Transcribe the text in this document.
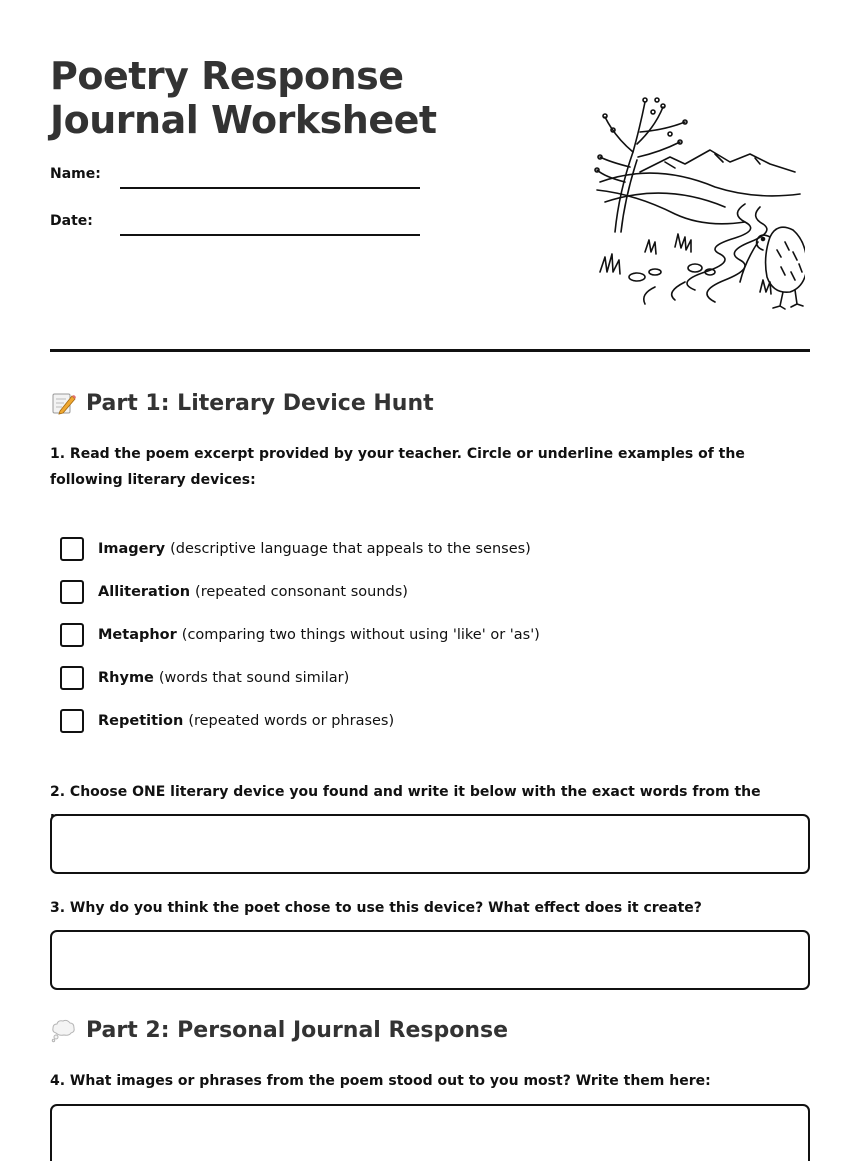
Poetry Response
Journal Worksheet
Name:
Date:
Part 1: Literary Device Hunt
1. Read the poem excerpt provided by your teacher. Circle or underline examples of the following literary devices:
Imagery (descriptive language that appeals to the senses)
Alliteration (repeated consonant sounds)
Metaphor (comparing two things without using 'like' or 'as')
Rhyme (words that sound similar)
Repetition (repeated words or phrases)
2. Choose ONE literary device you found and write it below with the exact words from the
3. Why do you think the poet chose to use this device? What effect does it create?
Part 2: Personal Journal Response
4. What images or phrases from the poem stood out to you most? Write them here:
